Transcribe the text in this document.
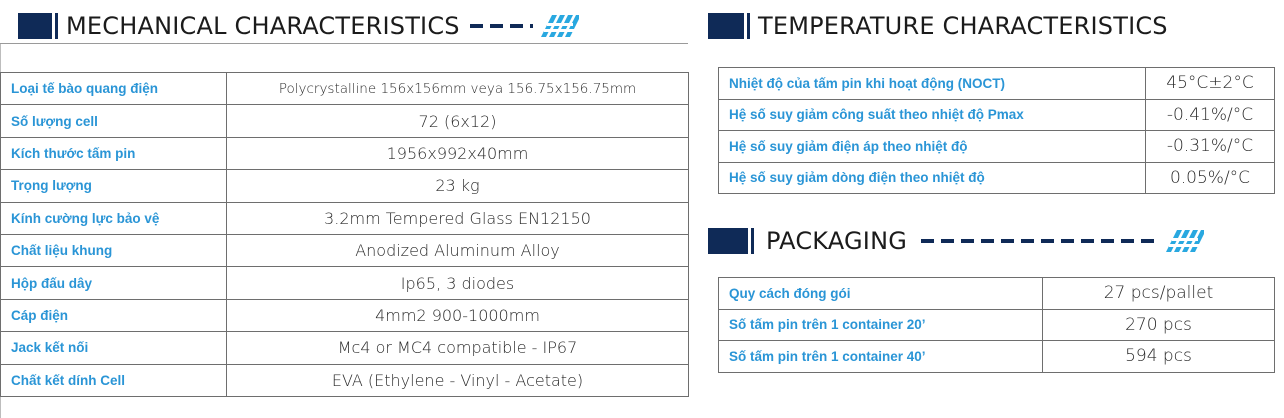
MECHANICAL CHARACTERISTICS
Loại tế bào quang điện	Polycrystalline 156x156mm veya 156.75x156.75mm
Số lượng cell	72 (6x12)
Kích thước tấm pin	1956x992x40mm
Trọng lượng	23 kg
Kính cường lực bảo vệ	3.2mm Tempered Glass EN12150
Chất liệu khung	Anodized Aluminum Alloy
Hộp đấu dây	Ip65, 3 diodes
Cáp điện	4mm2 900-1000mm
Jack kết nối	Mc4 or MC4 compatible - IP67
Chất kết dính Cell	EVA (Ethylene - Vinyl - Acetate)
TEMPERATURE CHARACTERISTICS
Nhiệt độ của tấm pin khi hoạt động (NOCT)	45°C±2°C
Hệ số suy giảm công suất theo nhiệt độ Pmax	-0.41%/°C
Hệ số suy giảm điện áp theo nhiệt độ	-0.31%/°C
Hệ số suy giảm dòng điện theo nhiệt độ	0.05%/°C
PACKAGING
Quy cách đóng gói	27 pcs/pallet
Số tấm pin trên 1 container 20’	270 pcs
Số tấm pin trên 1 container 40’	594 pcs
